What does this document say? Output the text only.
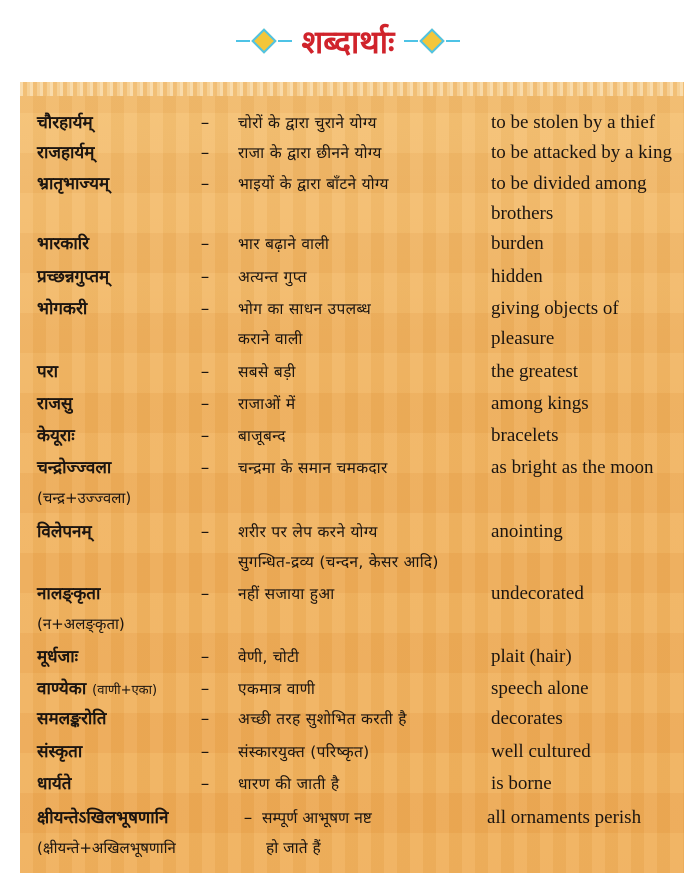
शब्दार्थाः
चौरहार्यम्	–	चोरों के द्वारा चुराने योग्य	to be stolen by a thief
राजहार्यम्	–	राजा के द्वारा छीनने योग्य	to be attacked by a king
भ्रातृभाज्यम्	–	भाइयों के द्वारा बाँटने योग्य	to be divided among
brothers
भारकारि	–	भार बढ़ाने वाली	burden
प्रच्छन्नगुप्तम्	–	अत्यन्त गुप्त	hidden
भोगकरी	–	भोग का साधन उपलब्ध	giving objects of
कराने वाली	pleasure
परा	–	सबसे बड़ी	the greatest
राजसु	–	राजाओं में	among kings
केयूराः	–	बाजूबन्द	bracelets
चन्द्रोज्ज्वला	–	चन्द्रमा के समान चमकदार	as bright as the moon
(चन्द्र+उज्ज्वला)
विलेपनम्	–	शरीर पर लेप करने योग्य	anointing
सुगन्धित-द्रव्य (चन्दन, केसर आदि)
नालङ्कृता	–	नहीं सजाया हुआ	undecorated
(न+अलङ्कृता)
मूर्धजाः	–	वेणी, चोटी	plait (hair)
वाण्येका (वाणी+एका)	–	एकमात्र वाणी	speech alone
समलङ्करोति	–	अच्छी तरह सुशोभित करती है	decorates
संस्कृता	–	संस्कारयुक्त (परिष्कृत)	well cultured
धार्यते	–	धारण की जाती है	is borne
क्षीयन्तेऽखिलभूषणानि	– सम्पूर्ण आभूषण नष्ट	all ornaments perish
(क्षीयन्ते+अखिलभूषणानि	हो जाते हैं
